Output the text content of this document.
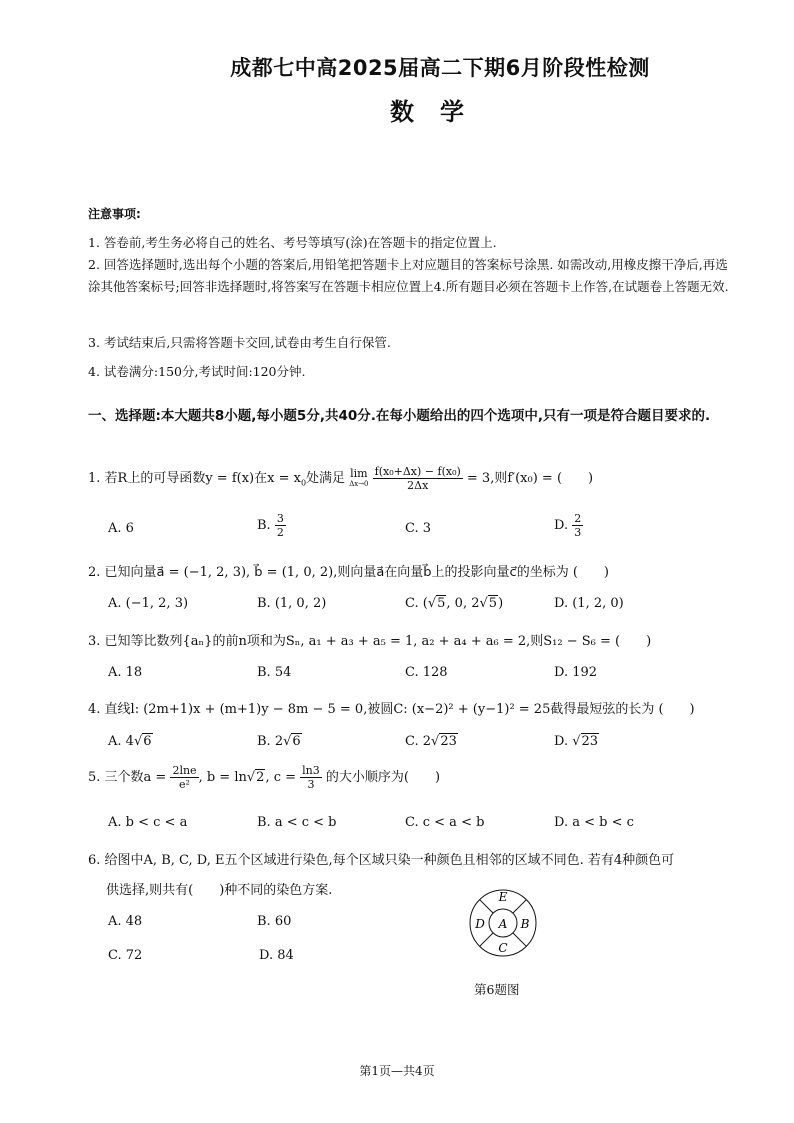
成都七中高2025届高二下期6月阶段性检测
数学
注意事项:
1. 答卷前,考生务必将自己的姓名、考号等填写(涂)在答题卡的指定位置上.
2. 回答选择题时,选出每个小题的答案后,用铅笔把答题卡上对应题目的答案标号涂黑. 如需改动,用橡皮擦干净后,再选涂其他答案标号;回答非选择题时,将答案写在答题卡相应位置上4.所有题目必须在答题卡上作答,在试题卷上答题无效.
3. 考试结束后,只需将答题卡交回,试卷由考生自行保管.
4. 试卷满分:150分,考试时间:120分钟.
一、选择题:本大题共8小题,每小题5分,共40分.在每小题给出的四个选项中,只有一项是符合题目要求的.
1. 若R上的可导函数y = f(x)在$x = x_0$处满足 lim
Δx→0
$\frac{\text{f(x₀+Δx) − f(x₀)}}{2\Delta x} = 3$,则f′(x₀) = (　　)
A. 6	B. $\frac{3}{2}$	C. 3	D. $\frac{2}{3}$
2. 已知向量a⃗ = (−1, 2, 3), b⃗ = (1, 0, 2),则向量a⃗在向量b⃗上的投影向量c⃗的坐标为 (　　)
A. (−1, 2, 3)	B. (1, 0, 2)	C. (√5, 0, 2√5)	D. (1, 2, 0)
3. 已知等比数列{aₙ}的前n项和为Sₙ, a₁ + a₃ + a₅ = 1, a₂ + a₄ + a₆ = 2,则S₁₂ − S₆ = (　　)
A. 18	B. 54	C. 128	D. 192
4. 直线l: (2m+1)x + (m+1)y − 8m − 5 = 0,被圆C: (x−2)² + (y−1)² = 25截得最短弦的长为 (　　)
A. 4√6	B. 2√6	C. 2√23	D. √23
5. 三个数$a = \frac{2\ln e}{\text{e²}}$ , b = ln√2, $c = \frac{\ln 3}{3}$ 的大小顺序为(　　)
A. b < c < a	B. a < c < b	C. c < a < b	D. a < b < c
6. 给图中A, B, C, D, E五个区域进行染色,每个区域只染一种颜色且相邻的区域不同色. 若有4种颜色可
供选择,则共有(　　)种不同的染色方案.
A. 48	B. 60
C. 72	D. 84
A
E
B
C
D
第6题图
第1页—共4页
